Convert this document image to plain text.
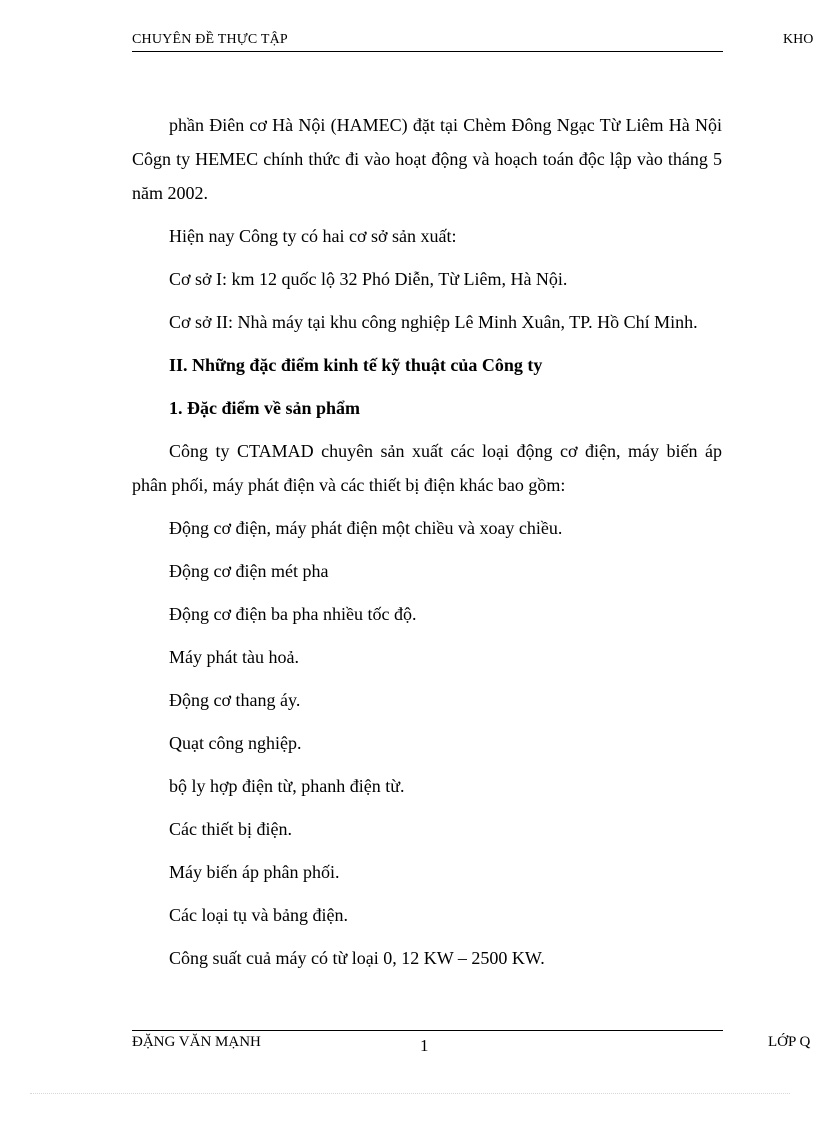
CHUYÊN ĐỀ THỰC TẬP	KHO

phần Điên cơ Hà Nội (HAMEC) đặt tại Chèm Đông Ngạc Từ Liêm Hà Nội Côgn ty HEMEC chính thức đi vào hoạt động và hoạch toán độc lập vào tháng 5 năm 2002.

Hiện nay Công ty có hai cơ sở sản xuất:

Cơ sở I: km 12 quốc lộ 32 Phó Diễn, Từ Liêm, Hà Nội.

Cơ sở II: Nhà máy tại khu công nghiệp Lê Minh Xuân, TP. Hồ Chí Minh.

II. Những đặc điểm kinh tế kỹ thuật của Công ty

1. Đặc điểm về sản phẩm

Công ty CTAMAD chuyên sản xuất các loại động cơ điện, máy biến áp phân phối, máy phát điện và các thiết bị điện khác bao gồm:

Động cơ điện, máy phát điện một chiều và xoay chiều.

Động cơ điện mét pha

Động cơ điện ba pha nhiều tốc độ.

Máy phát tàu hoả.

Động cơ thang áy.

Quạt công nghiệp.

bộ ly hợp điện từ, phanh điện từ.

Các thiết bị điện.

Máy biến áp phân phối.

Các loại tụ và bảng điện.

Công suất cuả máy có từ loại 0, 12 KW – 2500 KW.

ĐẶNG VĂN MẠNH	1	LỚP Q
